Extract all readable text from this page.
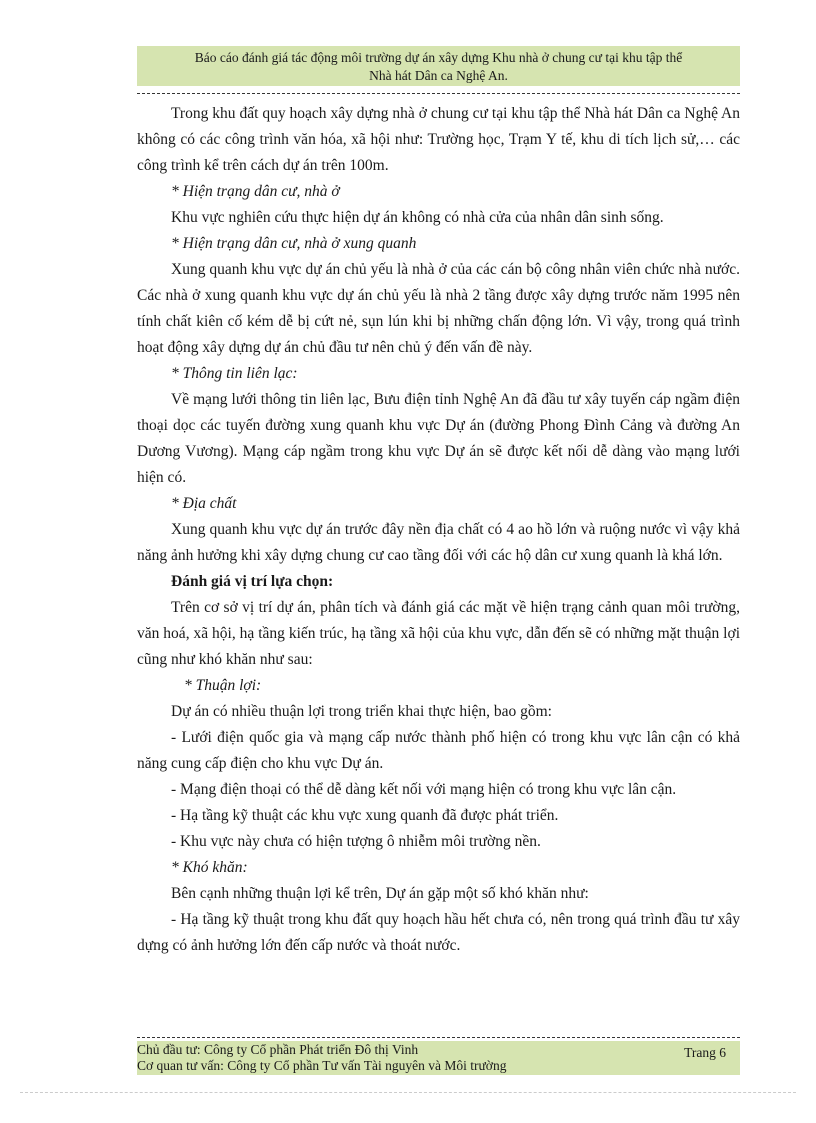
Báo cáo đánh giá tác động môi trường dự án xây dựng Khu nhà ở chung cư tại khu tập thể
Nhà hát Dân ca Nghệ An.

Trong khu đất quy hoạch xây dựng nhà ở chung cư tại khu tập thể Nhà hát Dân ca Nghệ An không có các công trình văn hóa, xã hội như: Trường học, Trạm Y tế, khu di tích lịch sử,… các công trình kể trên cách dự án trên 100m.

* Hiện trạng dân cư, nhà ở

Khu vực nghiên cứu thực hiện dự án không có nhà cửa của nhân dân sinh sống.

* Hiện trạng dân cư, nhà ở xung quanh

Xung quanh khu vực dự án chủ yếu là nhà ở của các cán bộ công nhân viên chức nhà nước. Các nhà ở xung quanh khu vực dự án chủ yếu là nhà 2 tầng được xây dựng trước năm 1995 nên tính chất kiên cố kém dễ bị cứt nẻ, sụn lún khi bị những chấn động lớn. Vì vậy, trong quá trình hoạt động xây dựng dự án chủ đầu tư nên chủ ý đến vấn đề này.

* Thông tin liên lạc:

Về mạng lưới thông tin liên lạc, Bưu điện tỉnh Nghệ An đã đầu tư xây tuyến cáp ngầm điện thoại dọc các tuyến đường xung quanh khu vực Dự án (đường Phong Đình Cảng và đường An Dương Vương). Mạng cáp ngầm trong khu vực Dự án sẽ được kết nối dễ dàng vào mạng lưới hiện có.

* Địa chất

Xung quanh khu vực dự án trước đây nền địa chất có 4 ao hồ lớn và ruộng nước vì vậy khả năng ảnh hưởng khi xây dựng chung cư cao tầng đối với các hộ dân cư xung quanh là khá lớn.

Đánh giá vị trí lựa chọn:

Trên cơ sở vị trí dự án, phân tích và đánh giá các mặt về hiện trạng cảnh quan môi trường, văn hoá, xã hội, hạ tầng kiến trúc, hạ tầng xã hội của khu vực, dẫn đến sẽ có những mặt thuận lợi cũng như khó khăn như sau:

* Thuận lợi:

Dự án có nhiều thuận lợi trong triển khai thực hiện, bao gồm:

- Lưới điện quốc gia và mạng cấp nước thành phố hiện có trong khu vực lân cận có khả năng cung cấp điện cho khu vực Dự án.

- Mạng điện thoại có thể dễ dàng kết nối với mạng hiện có trong khu vực lân cận.

- Hạ tầng kỹ thuật các khu vực xung quanh đã được phát triển.

- Khu vực này chưa có hiện tượng ô nhiễm môi trường nền.

* Khó khăn:

Bên cạnh những thuận lợi kể trên, Dự án gặp một số khó khăn như:

- Hạ tầng kỹ thuật trong khu đất quy hoạch hầu hết chưa có, nên trong quá trình đầu tư xây dựng có ảnh hưởng lớn đến cấp nước và thoát nước.

Chủ đầu tư: Công ty Cổ phần Phát triển Đô thị Vinh
Cơ quan tư vấn: Công ty Cổ phần Tư vấn Tài nguyên và Môi trường
Trang 6
